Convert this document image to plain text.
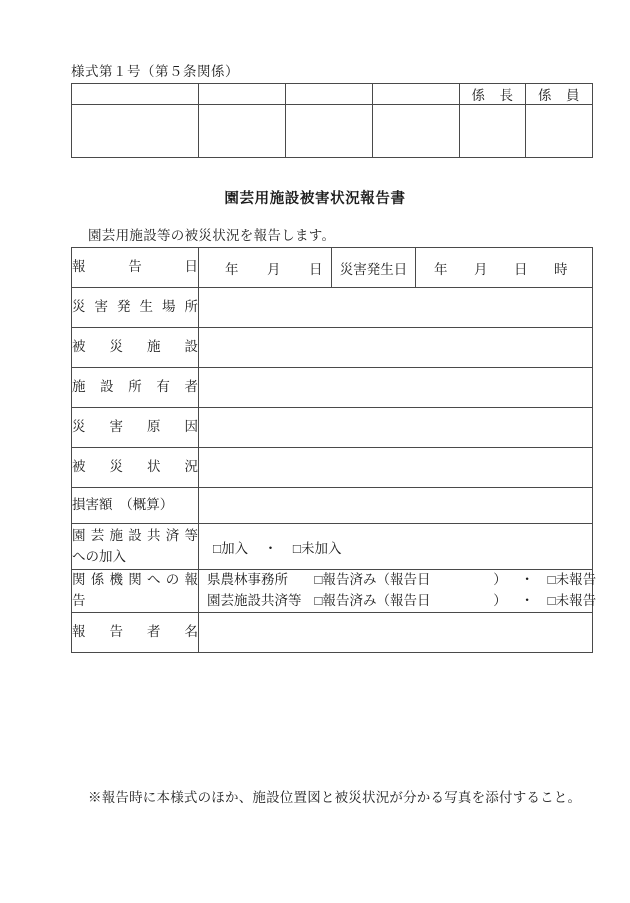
様式第１号（第５条関係）
				係　長	係　員

園芸用施設被害状況報告書
園芸用施設等の被災状況を報告します。
報 告 日	年 月 日	災害発生日	年 月 日 時

災 害 発 生 場 所

被 災 施 設			

施 設 所 有 者			

災 害 原 因			

被 災 状 況			

損害額　（概算）			

園 芸 施 設 共 済 等
への加入

□加入 ・ □未加入

関 係 機 関 へ の 報
告

県農林事務所 □報告済み（報告日	） ・ □未報告
園芸施設共済等 □報告済み（報告日	） ・ □未報告

報 告 者 名			

※報告時に本様式のほか、施設位置図と被災状況が分かる写真を添付すること。
